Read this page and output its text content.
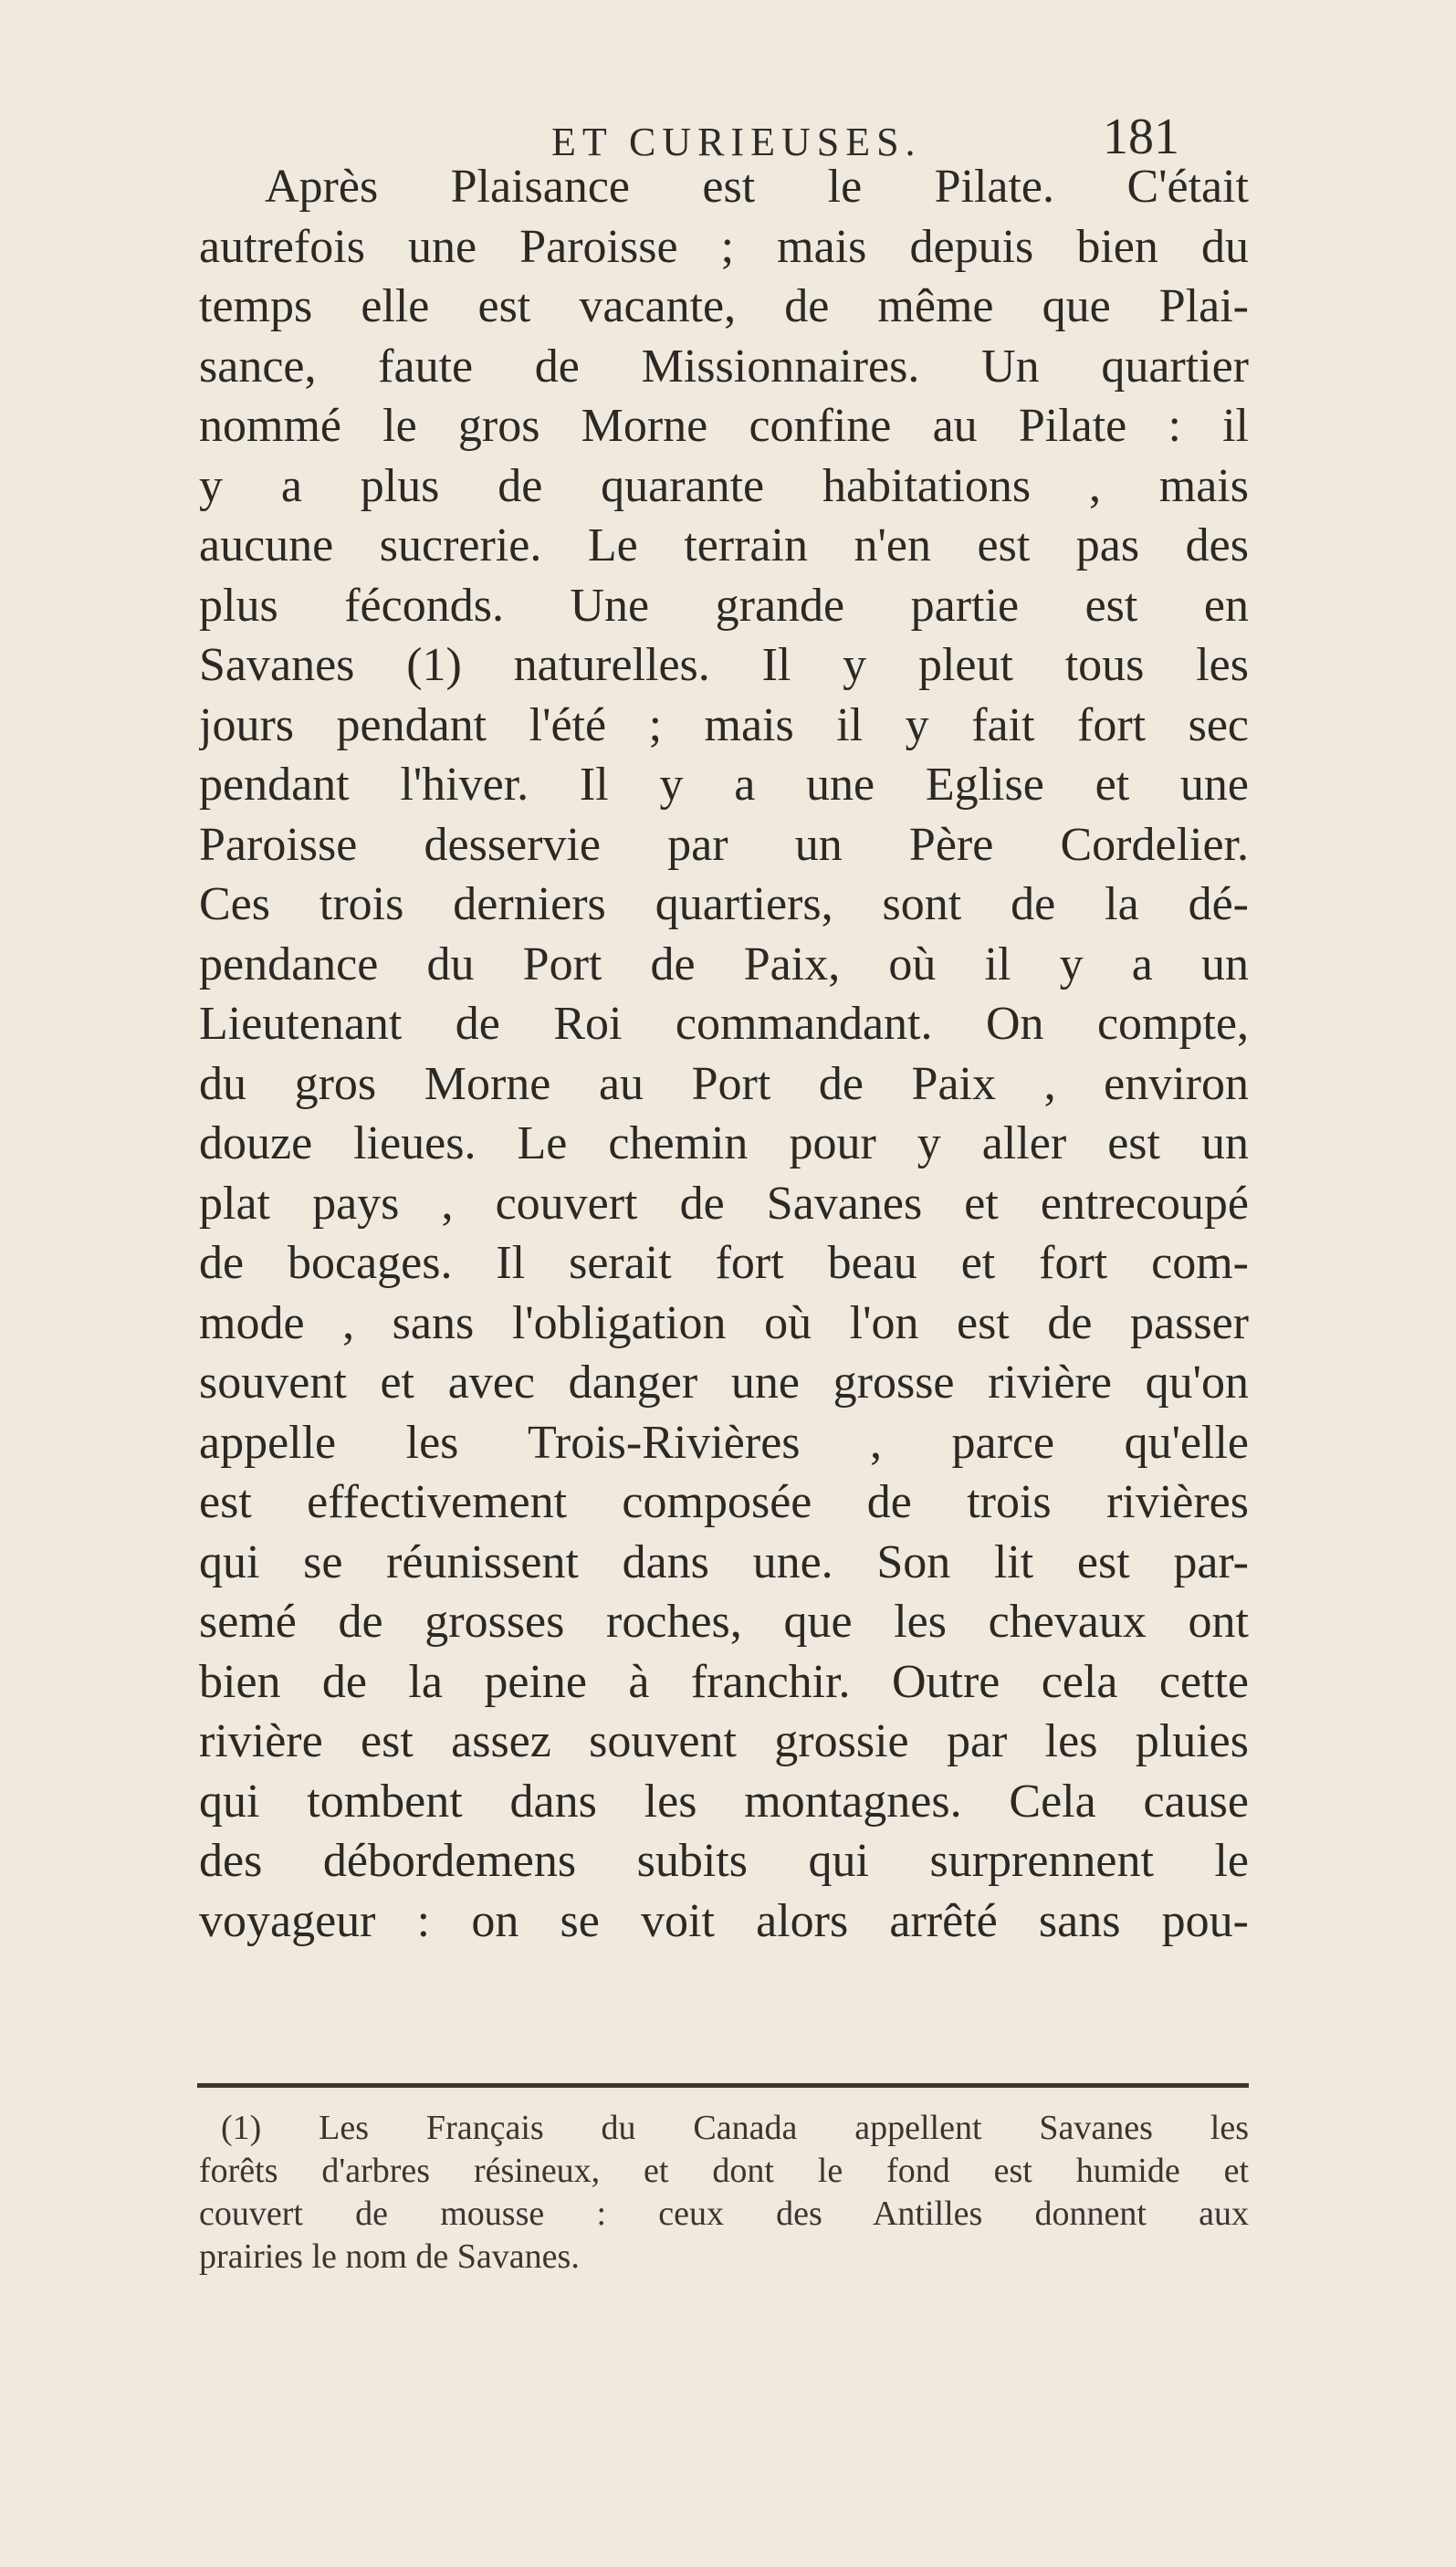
ET CURIEUSES.	181
Après Plaisance est le Pilate. C'était
autrefois une Paroisse ; mais depuis bien du
temps elle est vacante, de même que Plai-
sance, faute de Missionnaires. Un quartier
nommé le gros Morne confine au Pilate : il
y a plus de quarante habitations , mais
aucune sucrerie. Le terrain n'en est pas des
plus féconds. Une grande partie est en
Savanes (1) naturelles. Il y pleut tous les
jours pendant l'été ; mais il y fait fort sec
pendant l'hiver. Il y a une Eglise et une
Paroisse desservie par un Père Cordelier.
Ces trois derniers quartiers, sont de la dé-
pendance du Port de Paix, où il y a un
Lieutenant de Roi commandant. On compte,
du gros Morne au Port de Paix , environ
douze lieues. Le chemin pour y aller est un
plat pays , couvert de Savanes et entrecoupé
de bocages. Il serait fort beau et fort com-
mode , sans l'obligation où l'on est de passer
souvent et avec danger une grosse rivière qu'on
appelle les Trois-Rivières , parce qu'elle
est effectivement composée de trois rivières
qui se réunissent dans une. Son lit est par-
semé de grosses roches, que les chevaux ont
bien de la peine à franchir. Outre cela cette
rivière est assez souvent grossie par les pluies
qui tombent dans les montagnes. Cela cause
des débordemens subits qui surprennent le
voyageur : on se voit alors arrêté sans pou-
(1) Les Français du Canada appellent Savanes les
forêts d'arbres résineux, et dont le fond est humide et
couvert de mousse : ceux des Antilles donnent aux
prairies le nom de Savanes.
